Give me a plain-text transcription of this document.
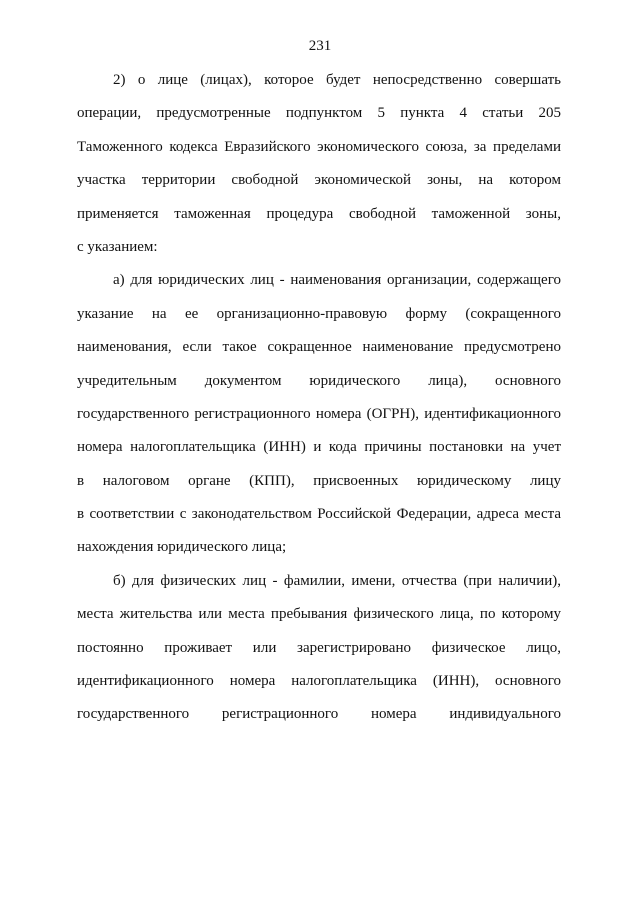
231
2) о лице (лицах), которое будет непосредственно совершать
операции, предусмотренные подпунктом 5 пункта 4 статьи 205
Таможенного кодекса Евразийского экономического союза, за пределами
участка территории свободной экономической зоны, на котором
применяется таможенная процедура свободной таможенной зоны,
с указанием:
а) для юридических лиц - наименования организации, содержащего
указание на ее организационно-правовую форму (сокращенного
наименования, если такое сокращенное наименование предусмотрено
учредительным документом юридического лица), основного
государственного регистрационного номера (ОГРН), идентификационного
номера налогоплательщика (ИНН) и кода причины постановки на учет
в налоговом органе (КПП), присвоенных юридическому лицу
в соответствии с законодательством Российской Федерации, адреса места
нахождения юридического лица;
б) для физических лиц - фамилии, имени, отчества (при наличии),
места жительства или места пребывания физического лица, по которому
постоянно проживает или зарегистрировано физическое лицо,
идентификационного номера налогоплательщика (ИНН), основного
государственного регистрационного номера индивидуального
